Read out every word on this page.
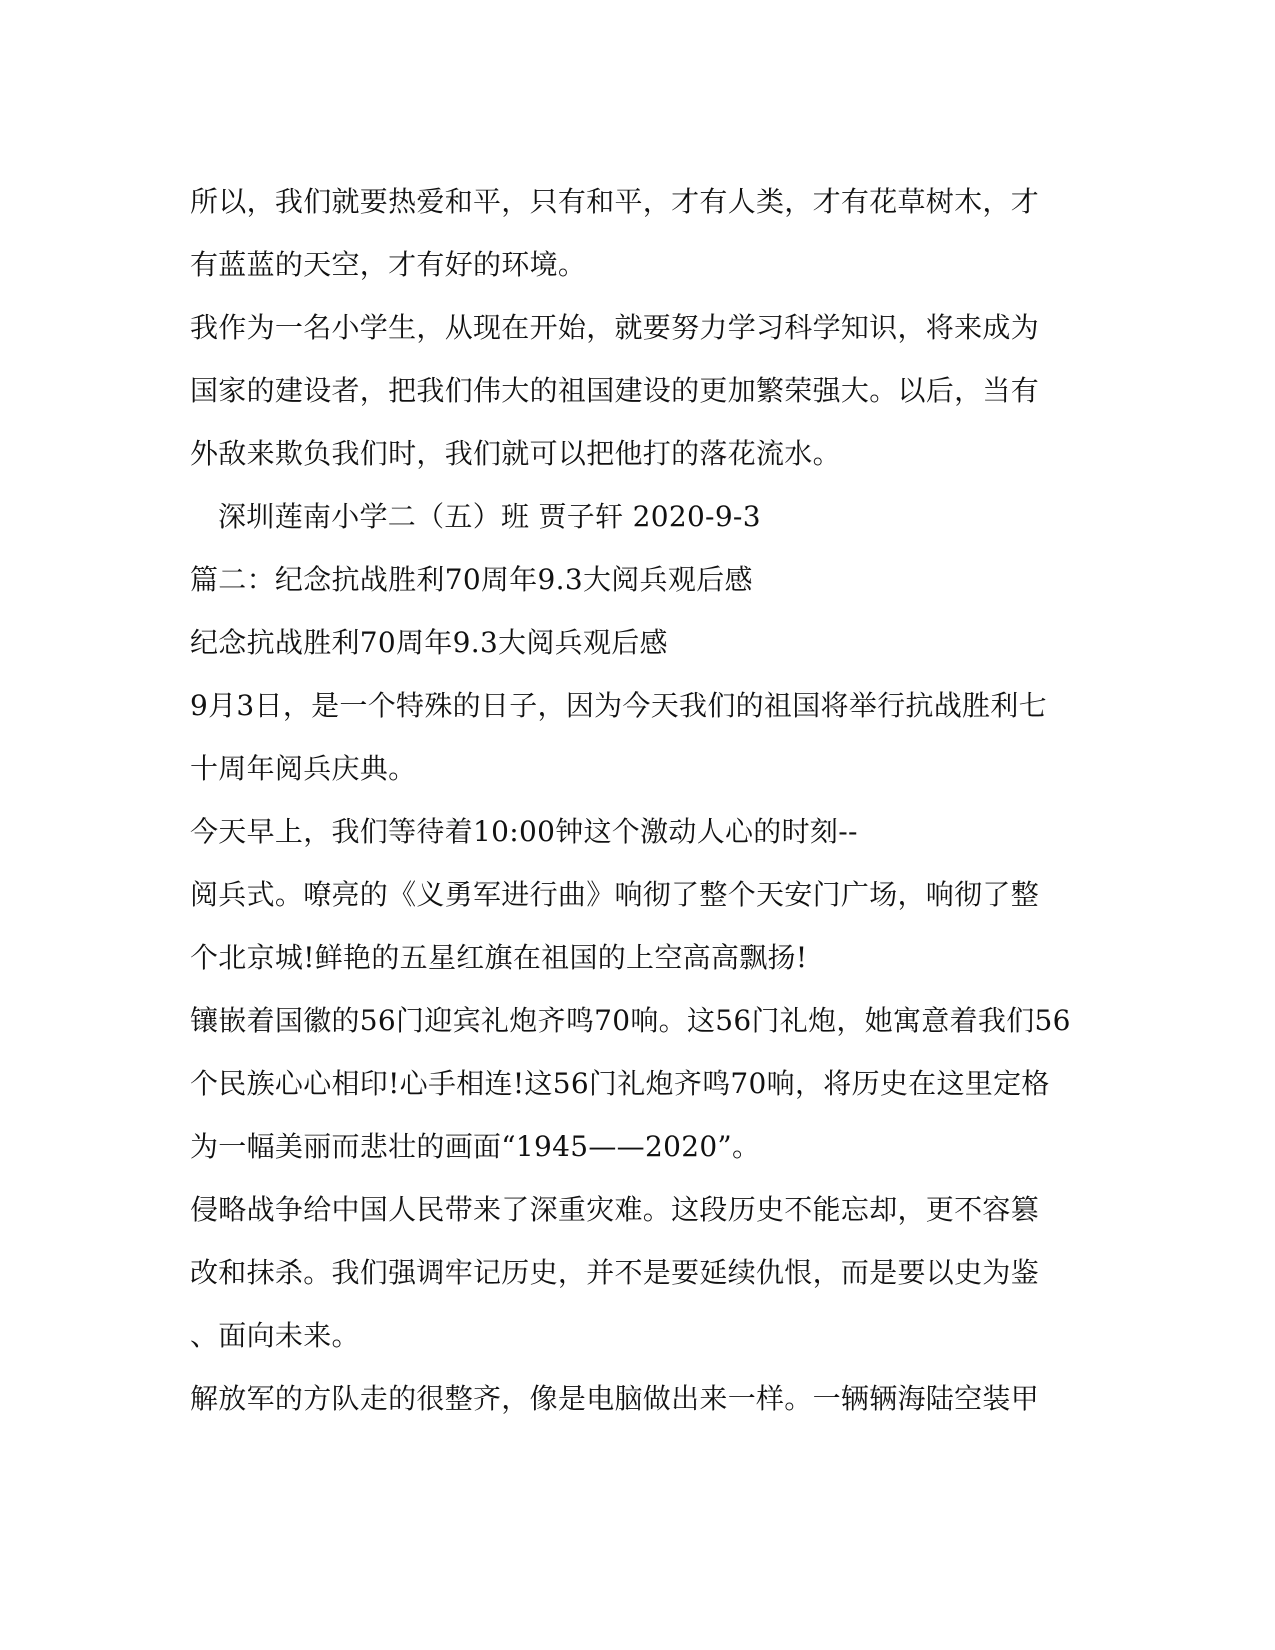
所以，我们就要热爱和平，只有和平，才有人类，才有花草树木，才
有蓝蓝的天空，才有好的环境。
我作为一名小学生，从现在开始，就要努力学习科学知识，将来成为
国家的建设者，把我们伟大的祖国建设的更加繁荣强大。以后，当有
外敌来欺负我们时，我们就可以把他打的落花流水。
深圳莲南小学二（五）班 贾子轩 2020-9-3
篇二：纪念抗战胜利70周年9.3大阅兵观后感
纪念抗战胜利70周年9.3大阅兵观后感
9月3日，是一个特殊的日子，因为今天我们的祖国将举行抗战胜利七
十周年阅兵庆典。
今天早上，我们等待着10:00钟这个激动人心的时刻--
阅兵式。嘹亮的《义勇军进行曲》响彻了整个天安门广场，响彻了整
个北京城!鲜艳的五星红旗在祖国的上空高高飘扬!
镶嵌着国徽的56门迎宾礼炮齐鸣70响。这56门礼炮，她寓意着我们56
个民族心心相印!心手相连!这56门礼炮齐鸣70响，将历史在这里定格
为一幅美丽而悲壮的画面“1945——2020”。
侵略战争给中国人民带来了深重灾难。这段历史不能忘却，更不容篡
改和抹杀。我们强调牢记历史，并不是要延续仇恨，而是要以史为鉴
、面向未来。
解放军的方队走的很整齐，像是电脑做出来一样。一辆辆海陆空装甲
